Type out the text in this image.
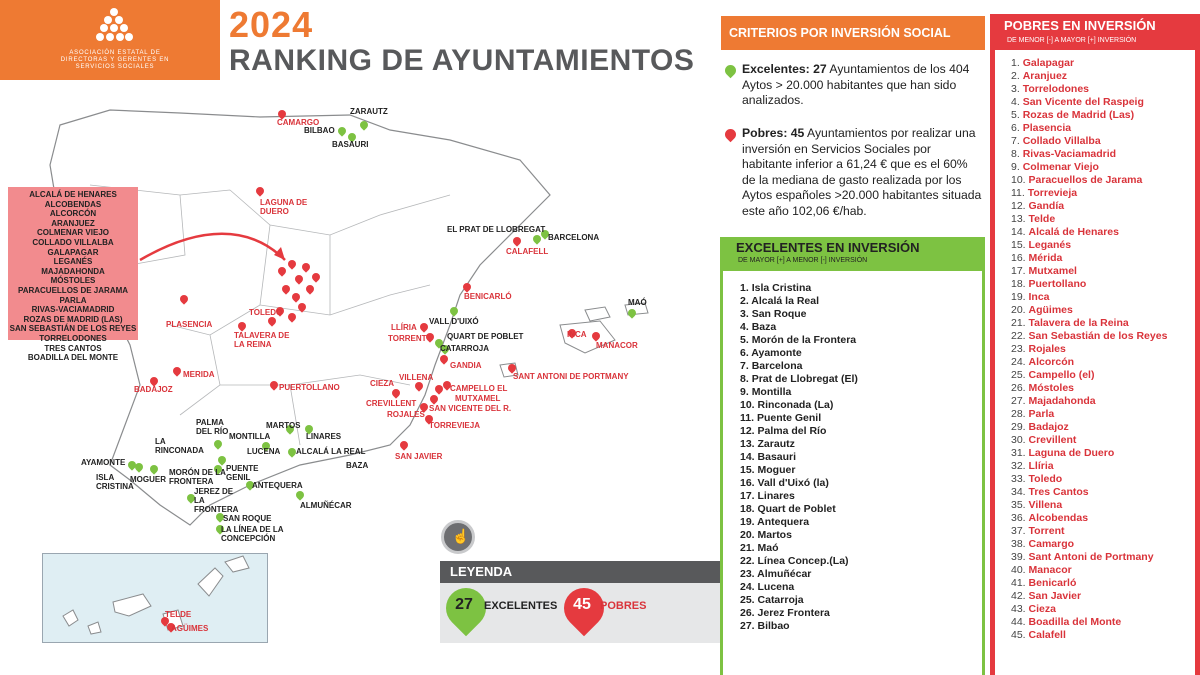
ASOCIACIÓN ESTATAL DE DIRECTORAS Y GERENTES EN SERVICIOS SOCIALES
2024
RANKING DE AYUNTAMIENTOS
ZARAUTZ
BILBAO
BASAURI
EL PRAT DE LLOBREGAT
BARCELONA
MAÓ
VALL D'UIXÓ
QUART DE POBLET
CATARROJA
PALMA DEL RÍO
MONTILLA
MARTOS
LINARES
LA RINCONADA	LUCENA ALCALÁ LA REAL
BAZA
AYAMONTE
ISLA CRISTINA
MOGUER
MORÓN DE LA FRONTERA
PUENTE GENIL
ANTEQUERA
JEREZ DE LA FRONTERA	ALMUÑÉCAR
SAN ROQUE
LA LÍNEA DE LA CONCEPCIÓN
CAMARGO
LAGUNA DE DUERO
CALAFELL
BENICARLÓ
PLASENCIA
TOLEDO
TALAVERA DE LA REINA
LLÍRIA
TORRENT	INCA
MANACOR
GANDIA
SANT ANTONI DE PORTMANY
MERIDA
BADAJOZ	PUERTOLLANO	CIEZA
VILLENA
CAMPELLO EL
MUTXAMEL
CREVILLENT
ROJALES
SAN VICENTE DEL R.
TORREVIEJA
SAN JAVIER
ALCALÁ DE HENARES
ALCOBENDAS
ALCORCÓN
ARANJUEZ
COLMENAR VIEJO
COLLADO VILLALBA
GALAPAGAR
LEGANÉS
MAJADAHONDA
MÓSTOLES
PARACUELLOS DE JARAMA
PARLA
RIVAS-VACIAMADRID
ROZAS DE MADRID (LAS)
SAN SEBASTIÁN DE LOS REYES
TORRELODONES
TRES CANTOS
BOADILLA DEL MONTE
TELDE
AGÜIMES
☝
LEYENDA
27	EXCELENTES 45 POBRES
CRITERIOS POR INVERSIÓN SOCIAL
Excelentes: 27 Ayuntamientos de los 404 Aytos > 20.000 habitantes que han sido analizados.
Pobres: 45 Ayuntamientos por realizar una inversión en Servicios Sociales por habitante inferior a 61,24 € que es el 60% de la mediana de gasto realizada por los Aytos españoles >20.000 habitantes situada este año 102,06 €/hab.
EXCELENTES EN INVERSIÓN
DE MAYOR [+] A MENOR [-] INVERSIÓN
1. Isla Cristina
2. Alcalá la Real
3. San Roque
4. Baza
5. Morón de la Frontera
6. Ayamonte
7. Barcelona
8. Prat de Llobregat (El)
9. Montilla
10. Rinconada (La)
11. Puente Genil
12. Palma del Río
13. Zarautz
14. Basauri
15. Moguer
16. Vall d'Uixó (la)
17. Linares
18. Quart de Poblet
19. Antequera
20. Martos
21. Maó
22. Línea Concep.(La)
23. Almuñécar
24. Lucena
25. Catarroja
26. Jerez Frontera
27. Bilbao
POBRES EN INVERSIÓN
DE MENOR [-] A MAYOR [+] INVERSIÓN
1. Galapagar
2. Aranjuez
3. Torrelodones
4. San Vicente del Raspeig
5. Rozas de Madrid (Las)
6. Plasencia
7. Collado Villalba
8. Rivas-Vaciamadrid
9. Colmenar Viejo
10. Paracuellos de Jarama
11. Torrevieja
12. Gandía
13. Telde
14. Alcalá de Henares
15. Leganés
16. Mérida
17. Mutxamel
18. Puertollano
19. Inca
20. Agüimes
21. Talavera de la Reina
22. San Sebastián de los Reyes
23. Rojales
24. Alcorcón
25. Campello (el)
26. Móstoles
27. Majadahonda
28. Parla
29. Badajoz
30. Crevillent
31. Laguna de Duero
32. Llíria
33. Toledo
34. Tres Cantos
35. Villena
36. Alcobendas
37. Torrent
38. Camargo
39. Sant Antoni de Portmany
40. Manacor
41. Benicarló
42. San Javier
43. Cieza
44. Boadilla del Monte
45. Calafell
